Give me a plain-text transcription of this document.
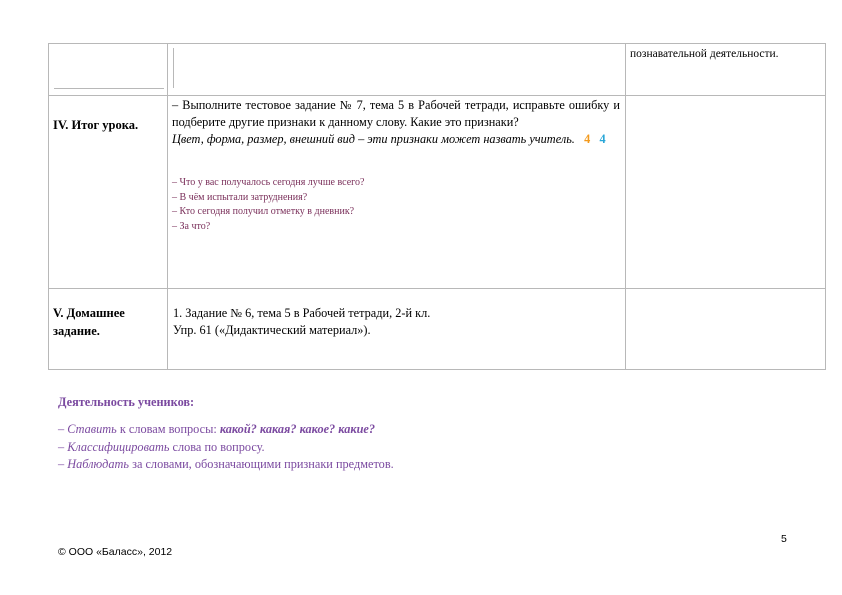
познавательной деятельности.
IV. Итог урока.
– Выполните тестовое задание № 7, тема 5 в Рабочей тетради, исправьте ошибку и подберите другие признаки к данному слову. Какие это признаки?
Цвет, форма, размер, внешний вид – эти признаки может назвать учитель. 4 4
– Что у вас получалось сегодня лучше всего?
– В чём испытали затруднения?
– Кто сегодня получил отметку в дневник?
– За что?
V. Домашнее
задание.
1. Задание № 6, тема 5 в Рабочей тетради, 2-й кл.
Упр. 61 («Дидактический материал»).
Деятельность учеников:
– Ставить к словам вопросы: какой? какая? какое? какие?
– Классифицировать слова по вопросу.
– Наблюдать за словами, обозначающими признаки предметов.
5
© ООО «Баласс», 2012
